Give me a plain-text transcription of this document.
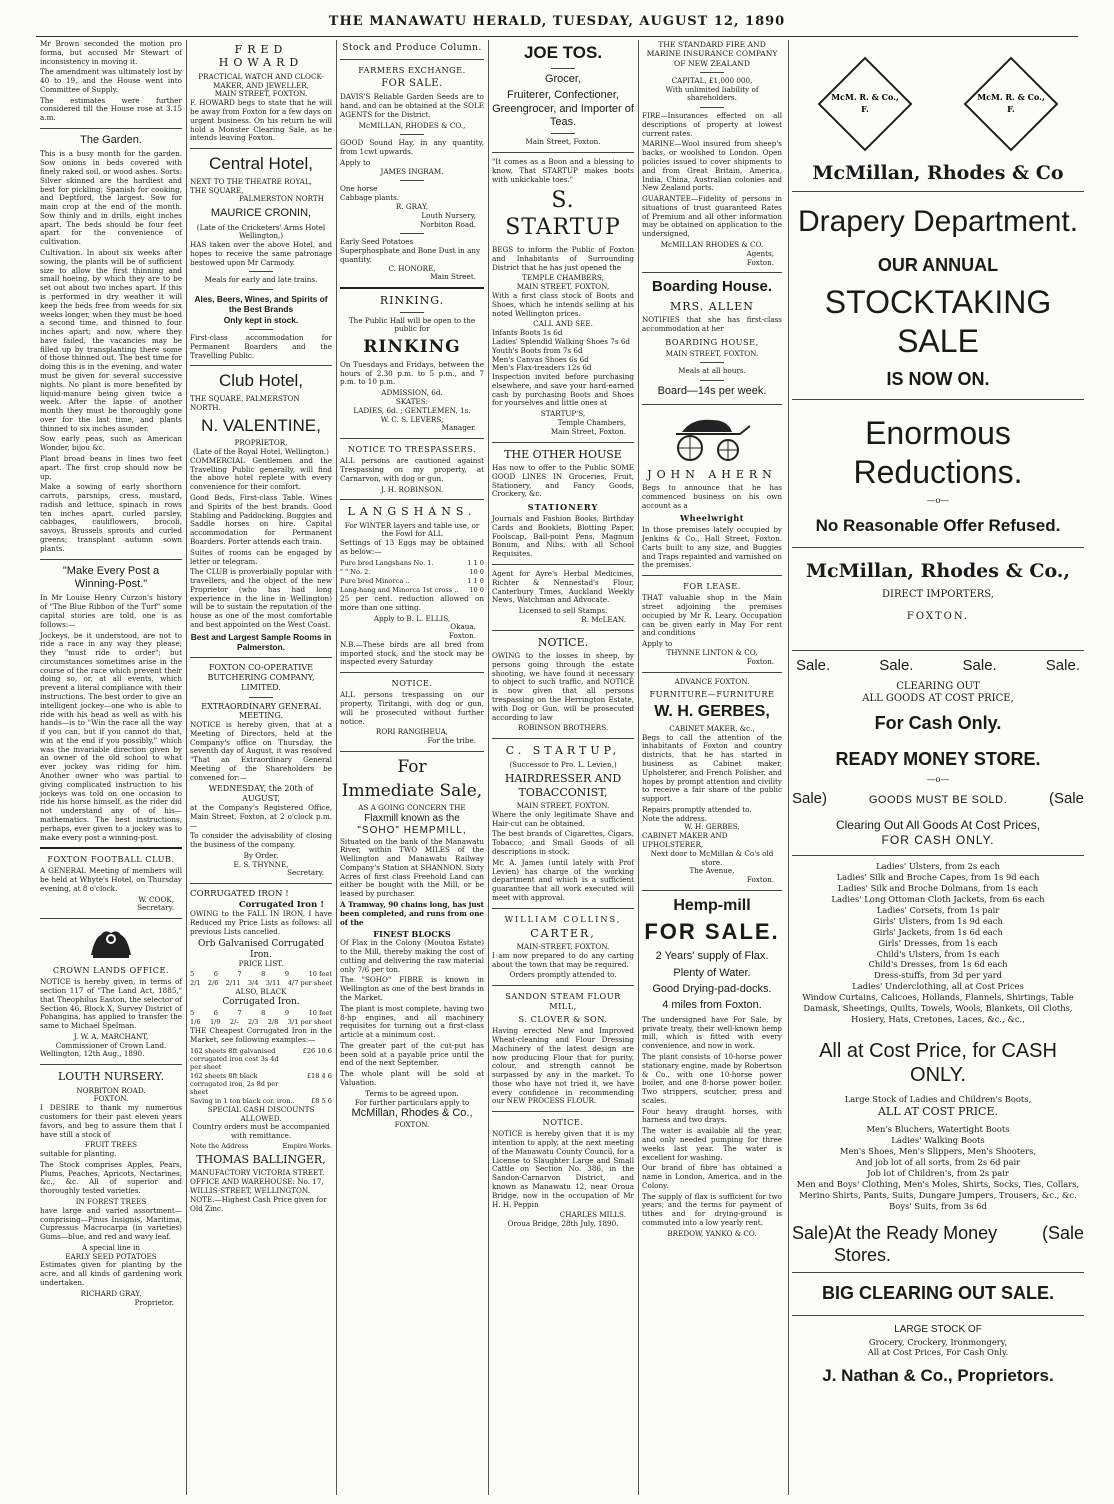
THE MANAWATU HERALD, TUESDAY, AUGUST 12, 1890

Mr Brown seconded the motion pro forma, but accused Mr Stewart of inconsistency in moving it.

The amendment was ultimately lost by 40 to 19, and the House went into Committee of Supply.

The estimates were further considered till the House rose at 3.15 a.m.

The Garden.

This is a busy month for the garden. Sow onions in beds covered with finely raked soil, or wood ashes. Sorts: Silver skinned are the hardiest and best for pickling; Spanish for cooking, and Deptford, the largest. Sow for main crop at the end of the month. Sow thinly and in drills, eight inches apart. The beds should be four feet apart for the convenience of cultivation.

Cultivation. In about six weeks after sowing, the plants will be of sufficient size to allow the first thinning and small hoeing, by which they are to be set out about two inches apart. If this is performed in dry weather it will keep the beds free from weeds for six weeks longer, when they must be hoed a second time, and thinned to four inches apart; and now, where they have failed, the vacancies may be filled up by transplanting there some of those thinned out. The best time for doing this is in the evening, and water must be given for several successive nights. No plant is more benefited by liquid-manure being given twice a week. After the lapse of another month they must be thoroughly gone over for the last time, and plants thinned to six inches asunder.

Sow early peas, such as American Wonder, bijou &c.

Plant broad beans in lines two feet apart. The first crop should now be up.

Make a sowing of early shorthorn carrots, parsnips, cress, mustard, radish and lettuce, spinach in rows ten inches apart, curled parsley, cabbages, cauliflowers, brocoli, savoys, Brussels sprouts and curled greens; transplant autumn sown plants.

"Make Every Post a Winning-Post."

In Mr Louise Henry Curzon's history of "The Blue Ribbon of the Turf" some capital stories are told, one is as follows:—

Jockeys, be it understood, are not to ride a race in any way they please; they "must ride to order"; but circumstances sometimes arise in the course of the race which prevent their doing so, or, at all events, which prevent a literal compliance with their instructions. The best order to give an intelligent jockey—one who is able to ride with his head as well as with his hands—is to "Win the race all the way if you can, but if you cannot do that, win at the end if you possibly," which was the invariable direction given by an owner of the old school to what ever jockey was riding for him. Another owner who was partial to giving complicated instruction to his jockeys was told on one occasion to ride his horse himself, as the rider did not understand any of of his—mathematics. The best instructions, perhaps, ever given to a jockey was to make every post a winning-post.

FOXTON FOOTBALL CLUB.

A GENERAL Meeting of members will be held at Whyte's Hotel, on Thursday evening, at 8 o'clock.

W. COOK,
Secretary.
CROWN LANDS OFFICE.

NOTICE is hereby given, in terms of section 117 of "The Land Act, 1885," that Theophilus Easton, the selector of Section 46, Block X, Survey District of Pohangina, has applied to transfer the same to Michael Spelman.

J. W. A. MARCHANT,
Commissioner of Crown Land.
Wellington, 12th Aug., 1890.
LOUTH NURSERY.
NORBITON ROAD.
FOXTON.

I DESIRE to thank my numerous customers for their past eleven years favors, and beg to assure them that I have still a stock of

FRUIT TREES

suitable for planting.

The Stock comprises Apples, Pears, Plums, Peaches, Apricots, Nectarines, &c., &c. All of superior and thoroughly tested varieties.

IN FOREST TREES

have large and varied assortment—comprising—Pinus Insignis, Maritima, Cupressus Macrocarpa (in varieties) Gums—blue, and red and wavy leaf.

A special line in
EARLY SEED POTATOES

Estimates given for planting by the acre, and all kinds of gardening work undertaken.

RICHARD GRAY.
Proprietor.
FRED HOWARD
PRACTICAL WATCH AND CLOCK-MAKER, AND JEWELLER,
MAIN STREET, FOXTON.

F. HOWARD begs to state that he will be away from Foxton for a few days on urgent business. On his return he will hold a Monster Clearing Sale, as he intends leaving Foxton.

Central Hotel,
NEXT TO THE THEATRE ROYAL,
THE SQUARE,
PALMERSTON NORTH
MAURICE CRONIN,
(Late of the Cricketers' Arms Hotel Wellington,)

HAS taken over the above Hotel, and hopes to receive the same patronage bestowed upon Mr Carmody.

Meals for early and late trains.
Ales, Beers, Wines, and Spirits of the Best Brands
Only kept in stock.

First-class accommodation for Permanent Boarders and the Travelling Public.

Club Hotel,
THE SQUARE, PALMERSTON NORTH.
N. VALENTINE,
PROPRIETOR,
(Late of the Royal Hotel, Wellington.)

COMMERCIAL Gentlemen and the Travelling Public generally, will find the above hotel replete with every convenience for their comfort.

Good Beds. First-class Table. Wines and Spirits of the best brands. Good Stabling and Paddocking. Buggies and Saddle horses on hire. Capital accommodation for Permanent Boarders. Porter attends each train.

Suites of rooms can be engaged by letter or telegram.

The CLUB is proverbially popular with travellers, and the object of the new Proprietor (who has had long experience in the line in Wellington) will be to sustain the reputation of the house as one of the most comfortable and best appointed on the West Coast.

Best and Largest Sample Rooms in Palmerston.
FOXTON CO-OPERATIVE BUTCHERING COMPANY, LIMITED.
EXTRAORDINARY GENERAL MEETING.

NOTICE is hereby given, that at a Meeting of Directors, held at the Company's office on Thursday, the seventh day of August, it was resolved "That an Extraordinary General Meeting of the Shareholders be convened for:—

WEDNESDAY, the 20th of AUGUST,

at the Company's Registered Office, Main Street, Foxton, at 2 o'clock p.m.—

To consider the advisability of closing the business of the company.

By Order,
E. S. THYNNE,
Secretary.
CORRUGATED IRON !
Corrugated Iron !

OWING to the FALL IN IRON, I have Reduced my Price Lists as follows: all previous Lists cancelled.

Orb Galvanised Corrugated Iron.
PRICE LIST.
5	6	7	8	9	10 feet
2/1 2/6 2/11 3/4 3/11 4/7 per sheet
ALSO, BLACK
Corrugated Iron.
5	6	7	8	9	10 feet
1/6 1/9 2/- 2/3 2/8 3/1 per sheet

THE Cheapest Corrugated Iron in the Market, see following examples:—

162 sheets 8ft galvanised corrugated iron cost 3s 4d per sheet
£26 10 6
162 sheets 8ft black corrugated iron, 2s 8d per sheet
£18 4 6
Saving in 1 ton black cor. iron.. £8 5 6
SPECIAL CASH DISCOUNTS ALLOWED.
Country orders must be accompanied with remittance.
Note the Address	Empire Works.
THOMAS BALLINGER,
MANUFACTORY VICTORIA STREET. OFFICE AND WAREHOUSE: No. 17, WILLIS-STREET, WELLINGTON.
NOTE.—Highest Cash Price given for Old Zinc.
Stock and Produce Column.
FARMERS EXCHANGE.
FOR SALE.

DAVIS'S Reliable Garden Seeds are to hand, and can be obtained at the SOLE AGENTS for the District.

McMILLAN, RHODES & CO.,

GOOD Sound Hay, in any quantity, from 1cwt upwards.

Apply to
JAMES INGRAM.
One horse
Cabbage plants.
R. GRAY,
Louth Nursery,
Norbiton Road.
Early Seed Potatoes
Superphosphate and Bone Dust in any quantity.
C. HONORE,
Main Street.
RINKING.
The Public Hall will be open to the public for
RINKING

On Tuesdays and Fridays, between the hours of 2.30 p.m. to 5 p.m., and 7 p.m. to 10 p.m.

ADMISSION, 6d.
SKATES:
LADIES, 6d. ; GENTLEMEN, 1s.
W. C. S. LEVERS,
Manager.
NOTICE TO TRESPASSERS.

ALL persons are cautioned against Trespassing on my property, at Carnarvon, with dog or gun.

J. H. ROBINSON.
LANGSHANS.
For WINTER layers and table use, or the Fowl for ALL

Settings of 13 Eggs may be obtained as below:—

Pure bred Langshans No. 1.	1 1 0
" " No. 2.	10 0
Pure bred Minorca ..	1 1 0
Lang-hang and Minorca 1st cross .. 10 0

25 per cent. reduction allowed on more than one sitting.

Apply to B. L. ELLIS,
Okaua,
Foxton.

N.B.—These birds are all bred from imported stock, and the stock may be inspected every Saturday

NOTICE.

ALL persons trespassing on our property, Tiritangi, with dog or gun, will be prosecuted without further notice.

RORI RANGIHEUA,
For the tribe.
For
Immediate Sale,
AS A GOING CONCERN THE
Flaxmill known as the
"SOHO" HEMPMILL,

Situated on the bank of the Manawatu River, within TWO MILES of the Wellington and Manawatu Railway Company's Station at SHANNON. Sixty Acres of first class Freehold Land can either be bought with the Mill, or be leased by purchaser.

A Tramway, 90 chains long, has just been completed, and runs from one of the

FINEST BLOCKS

Of Flax in the Colony (Moutoa Estate) to the Mill, thereby making the cost of cutting and delivering the raw material only 7/6 per ton.

The "SOHO" FIBRE is known in Wellington as one of the best brands in the Market.

The plant is most complete, having two 8-hp engines, and all machinery requisites for turning out a first-class article at a minimum cost.

The greater part of the cut-put has been sold at a payable price until the end of the next September.

The whole plant will be sold at Valuation.

Terms to be agreed upon.
For further particulars apply to
McMillan, Rhodes & Co.,
FOXTON.
JOE TOS.
Grocer,
Fruiterer, Confectioner, Greengrocer, and Importer of Teas.
Main Street, Foxton.

"It comes as a Boon and a blessing to know, That STARTUP makes boots with unkickable toes."

S. STARTUP

BEGS to inform the Public of Foxton and Inhabitants of Surrounding District that he has just opened the

TEMPLE CHAMBERS,
MAIN STREET, FOXTON,

With a first class stock of Boots and Shoes, which he intends selling at his noted Wellington prices.

CALL AND SEE.
Infants Boots 1s 6d
Ladies' Splendid Walking Shoes 7s 6d
Youth's Boots from 7s 6d
Men's Canvas Shoes 6s 6d
Men's Flax-treaders 12s 6d

Inspection invited before purchasing elsewhere, and save your hard-earned cash by purchasing Boots and Shoes for yourselves and little ones at

STARTUP'S,
Temple Chambers,
Main Street, Foxton.
THE OTHER HOUSE

Has now to offer to the Public SOME GOOD LINES IN Groceries, Fruit, Stationery, and Fancy Goods, Crockery, &c.

STATIONERY

Journals and Fashion Books, Birthday Cards and Booklets, Blotting Paper, Foolscap, Ball-point Pens, Magnum Bonum, and Nibs, with all School Requisites.

Agent for Ayre's Herbal Medicines, Richter & Nennestad's Flour, Canterbury Times, Auckland Weekly News, Watchman and Advocate.

Licensed to sell Stamps.
R. McLEAN.
NOTICE.

OWING to the losses in sheep, by persons going through the estate shooting, we have found it necessary to object to such traffic, and NOTICE is now given that all persons trespassing on the Herrington Estate, with Dog or Gun, will be prosecuted according to law

ROBINSON BROTHERS.
C. STARTUP,
(Successor to Pro. L. Levien,)
HAIRDRESSER AND TOBACCONIST,
MAIN STREET, FOXTON.

Where the only legitimate Shave and Hair-cut can be obtained.

The best brands of Cigarettes, Cigars, Tobacco, and Small Goods of all descriptions in stock.

Mr. A. James (until lately with Prof Levien) has charge of the working department and which is a sufficient guarantee that all work executed will meet with approval.

WILLIAM COLLINS,
CARTER,
MAIN-STREET, FOXTON.

I am now prepared to do any carting about the town that may be required.

Orders promptly attended to.
SANDON STEAM FLOUR MILL,
S. CLOVER & SON.

Having erected New and Improved Wheat-cleaning and Flour Dressing Machinery of the latest design are now producing Flour that for purity, colour, and strength cannot be surpassed by any in the market. To those who have not tried it, we have every confidence in recommending our NEW PROCESS FLOUR.

NOTICE.

NOTICE is hereby given that it is my intention to apply, at the next meeting of the Manawatu County Council, for a License to Slaughter Large and Small Cattle on Section No. 386, in the Sandon-Carnarvon District, and known as Manawatu 12, near Oroua Bridge, now in the occupation of Mr H. H. Peppin

CHARLES MILLS.
Oroua Bridge, 28th July, 1890.
THE STANDARD FIRE AND MARINE INSURANCE COMPANY OF NEW ZEALAND
CAPITAL, £1,000 000,
With unlimited liability of shareholders.

FIRE—Insurances effected on all descriptions of property at lowest current rates.

MARINE—Wool insured from sheep's backs, or woolshed to London. Open policies issued to cover shipments to and from Great Britain, America, India, China, Australian colonies and New Zealand ports.

GUARANTEE—Fidelity of persons in situations of trust guaranteed Rates of Premium and all other information may be obtained on application to the undersigned,

McMILLAN RHODES & CO.
Agents,
Foxton.
Boarding House.
MRS. ALLEN

NOTIFIES that she has first-class accommodation at her

BOARDING HOUSE,
MAIN STREET, FOXTON.
Meals at all hours.
Board—14s per week.
JOHN AHERN

Begs to announce that he has commenced business on his own account as a

Wheelwright

In those premises lately occupied by Jenkins & Co., Hall Street, Foxton. Carts built to any size, and Buggies and Traps repainted and varnished on the premises.

FOR LEASE.

THAT valuable shop in the Main street adjoining the premises occupied by Mr R. Leary. Occupation can be given early in May For rent and conditions

Apply to
THYNNE LINTON & CO,
Foxton.
ADVANCE FOXTON.
FURNITURE—FURNITURE
W. H. GERBES,
CABINET MAKER, &c.,

Begs to call the attention of the inhabitants of Foxton and country districts, that he has started in business as Cabinet maker, Upholsterer, and French Polisher, and hopes by prompt attention and civility to receive a fair share of the public support.

Repairs promptly attended to.
Note the address.
W. H. GERBES,
CABINET MAKER AND UPHOLSTERER,
Next door to McMillan & Co's old store.
The Avenue,
Foxton.
Hemp-mill
FOR SALE.
2 Years' supply of Flax.
Plenty of Water.
Good Drying-pad-docks.
4 miles from Foxton.

The undersigned have For Sale, by private treaty, their well-known hemp mill, which is fitted with every convenience, and now in work.

The plant consists of 10-horse power stationary engine, made by Robertson & Co., with one 10-horse power boiler, and one 8-horse power boiler. Two strippers, scutcher, press and scales.

Four heavy draught horses, with harness and two drays.

The water is available all the year, and only needed pumping for three weeks last year. The water is excellent for washing.

Our brand of fibre has obtained a name in London, America, and in the Colony.

The supply of flax is sufficient for two years; and the terms for payment of tithes and for drying-ground is commuted into a low yearly rent.

BREDOW, YANKO & CO.
McM. R. & Co.,
F.
McM. R. & Co.,
F.
McMillan, Rhodes & Co
Drapery Department.
OUR ANNUAL
STOCKTAKING SALE
IS NOW ON.
Enormous Reductions.
—o—
No Reasonable Offer Refused.
McMillan, Rhodes & Co.,
DIRECT IMPORTERS,
FOXTON.
Sale.	Sale.	Sale.	Sale.
CLEARING OUT
ALL GOODS AT COST PRICE,
For Cash Only.
READY MONEY STORE.
—o—
Sale)	GOODS MUST BE SOLD.	(Sale
Clearing Out All Goods At Cost Prices,
FOR CASH ONLY.
Ladies' Ulsters, from 2s each
Ladies' Silk and Broche Capes, from 1s 9d each
Ladies' Silk and Broche Dolmans, from 1s each
Ladies' Long Ottoman Cloth Jackets, from 6s each
Ladies' Corsets, from 1s pair
Girls' Ulsters, from 1s 9d each
Girls' Jackets, from 1s 6d each
Girls' Dresses, from 1s each
Child's Ulsters, from 1s each
Child's Dresses, from 1s 6d each
Dress-stuffs, from 3d per yard
Ladies' Underclothing, all at Cost Prices
Window Curtains, Calicoes, Hollands, Flannels, Shirtings, Table Damask, Sheetings, Quilts, Towels, Wools, Blankets, Oil Cloths, Hosiery, Hats, Cretones, Laces, &c., &c.,
All at Cost Price, for CASH ONLY.
Large Stock of Ladies and Children's Boots,
ALL AT COST PRICE.
Men's Bluchers, Watertight Boots
Ladies' Walking Boots
Men's Shoes, Men's Slippers, Men's Shooters,
And job lot of all sorts, from 2s 6d pair
Job lot of Children's, from 2s pair
Men and Boys' Clothing, Men's Moles, Shirts, Socks, Ties, Collars,
Merino Shirts, Pants, Suits, Dungare Jumpers, Trousers, &c., &c.
Boys' Suits, from 3s 6d
Sale) At the Ready Money Stores.
(Sale
BIG CLEARING OUT SALE.
LARGE STOCK OF
Grocery, Crockery, Ironmongery,
All at Cost Prices, For Cash Only.
J. Nathan & Co., Proprietors.
